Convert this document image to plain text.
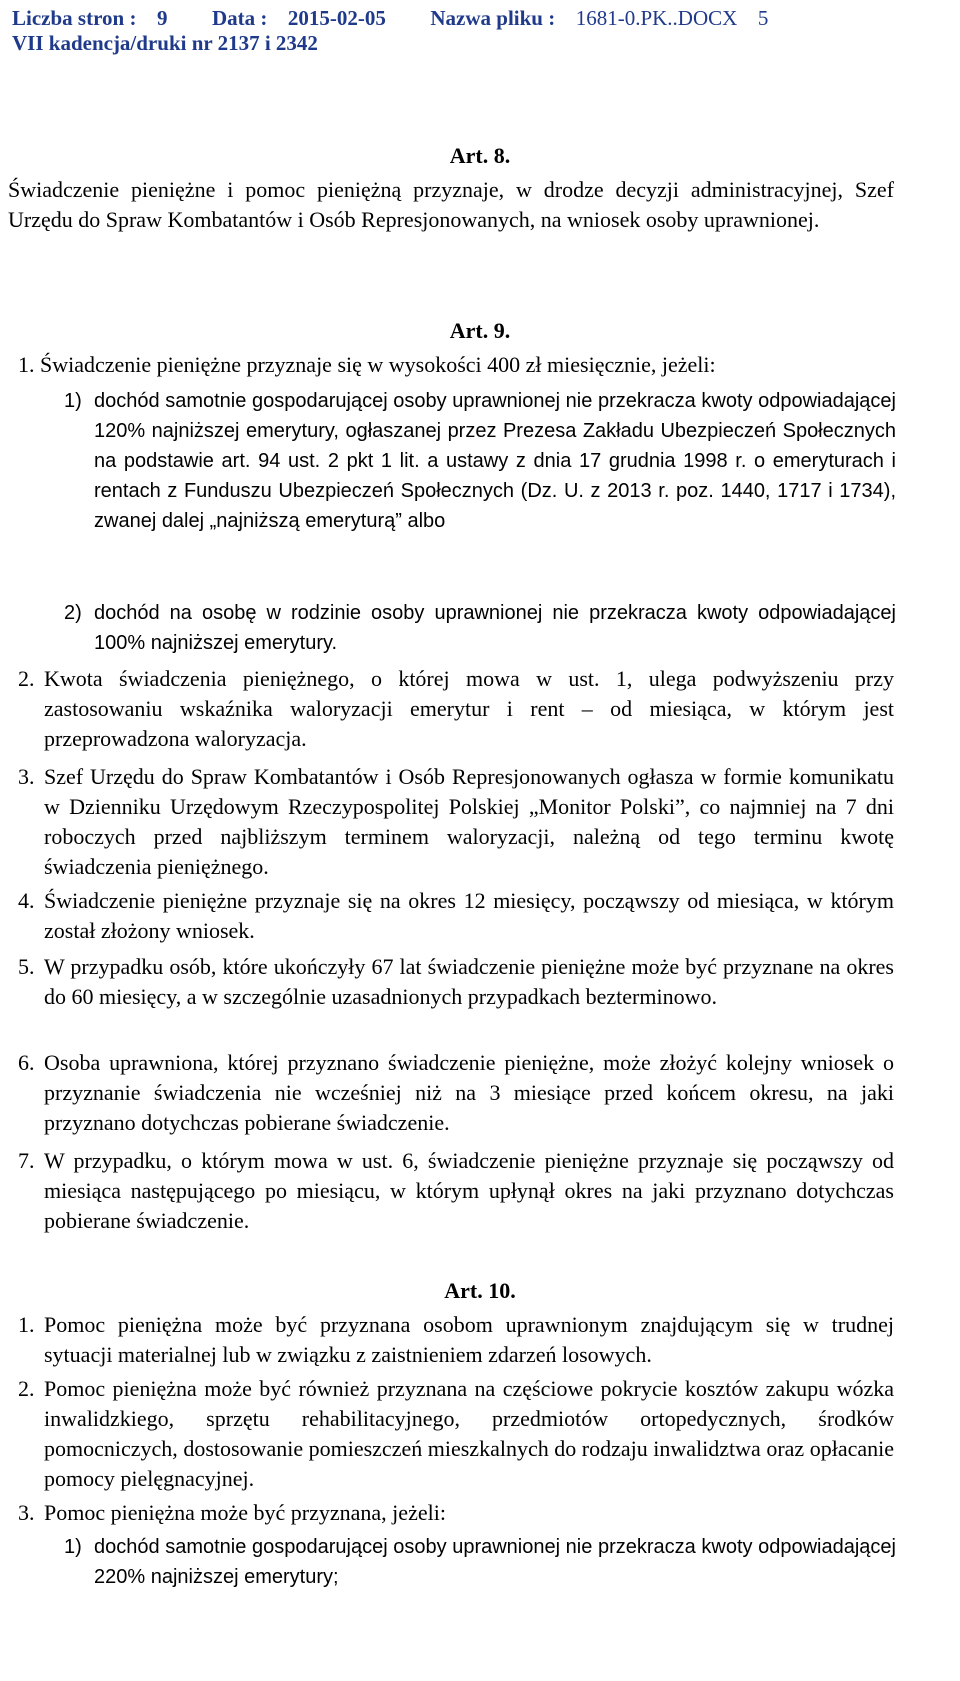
Liczba stron : 9 Data : 2015-02-05 Nazwa pliku : 1681-0.PK..DOCX 5
VII kadencja/druki nr 2137 i 2342
Art. 8.
Świadczenie pieniężne i pomoc pieniężną przyznaje, w drodze decyzji administracyjnej, Szef Urzędu do Spraw Kombatantów i Osób Represjonowanych, na wniosek osoby uprawnionej.
Art. 9.
1. Świadczenie pieniężne przyznaje się w wysokości 400 zł miesięcznie, jeżeli:
1) dochód samotnie gospodarującej osoby uprawnionej nie przekracza kwoty odpowiadającej 120% najniższej emerytury, ogłaszanej przez Prezesa Zakładu Ubezpieczeń Społecznych na podstawie art. 94 ust. 2 pkt 1 lit. a ustawy z dnia 17 grudnia 1998 r. o emeryturach i rentach z Funduszu Ubezpieczeń Społecznych (Dz. U. z 2013 r. poz. 1440, 1717 i 1734), zwanej dalej „najniższą emeryturą” albo
2) dochód na osobę w rodzinie osoby uprawnionej nie przekracza kwoty odpowiadającej 100% najniższej emerytury.
2. Kwota świadczenia pieniężnego, o której mowa w ust. 1, ulega podwyższeniu przy zastosowaniu wskaźnika waloryzacji emerytur i rent – od miesiąca, w którym jest przeprowadzona waloryzacja.
3. Szef Urzędu do Spraw Kombatantów i Osób Represjonowanych ogłasza w formie komunikatu w Dzienniku Urzędowym Rzeczypospolitej Polskiej „Monitor Polski”, co najmniej na 7 dni roboczych przed najbliższym terminem waloryzacji, należną od tego terminu kwotę świadczenia pieniężnego.
4. Świadczenie pieniężne przyznaje się na okres 12 miesięcy, począwszy od miesiąca, w którym został złożony wniosek.
5. W przypadku osób, które ukończyły 67 lat świadczenie pieniężne może być przyznane na okres do 60 miesięcy, a w szczególnie uzasadnionych przypadkach bezterminowo.
6. Osoba uprawniona, której przyznano świadczenie pieniężne, może złożyć kolejny wniosek o przyznanie świadczenia nie wcześniej niż na 3 miesiące przed końcem okresu, na jaki przyznano dotychczas pobierane świadczenie.
7. W przypadku, o którym mowa w ust. 6, świadczenie pieniężne przyznaje się począwszy od miesiąca następującego po miesiącu, w którym upłynął okres na jaki przyznano dotychczas pobierane świadczenie.
Art. 10.
1. Pomoc pieniężna może być przyznana osobom uprawnionym znajdującym się w trudnej sytuacji materialnej lub w związku z zaistnieniem zdarzeń losowych.
2. Pomoc pieniężna może być również przyznana na częściowe pokrycie kosztów zakupu wózka inwalidzkiego, sprzętu rehabilitacyjnego, przedmiotów ortopedycznych, środków pomocniczych, dostosowanie pomieszczeń mieszkalnych do rodzaju inwalidztwa oraz opłacanie pomocy pielęgnacyjnej.
3. Pomoc pieniężna może być przyznana, jeżeli:
1) dochód samotnie gospodarującej osoby uprawnionej nie przekracza kwoty odpowiadającej 220% najniższej emerytury;
